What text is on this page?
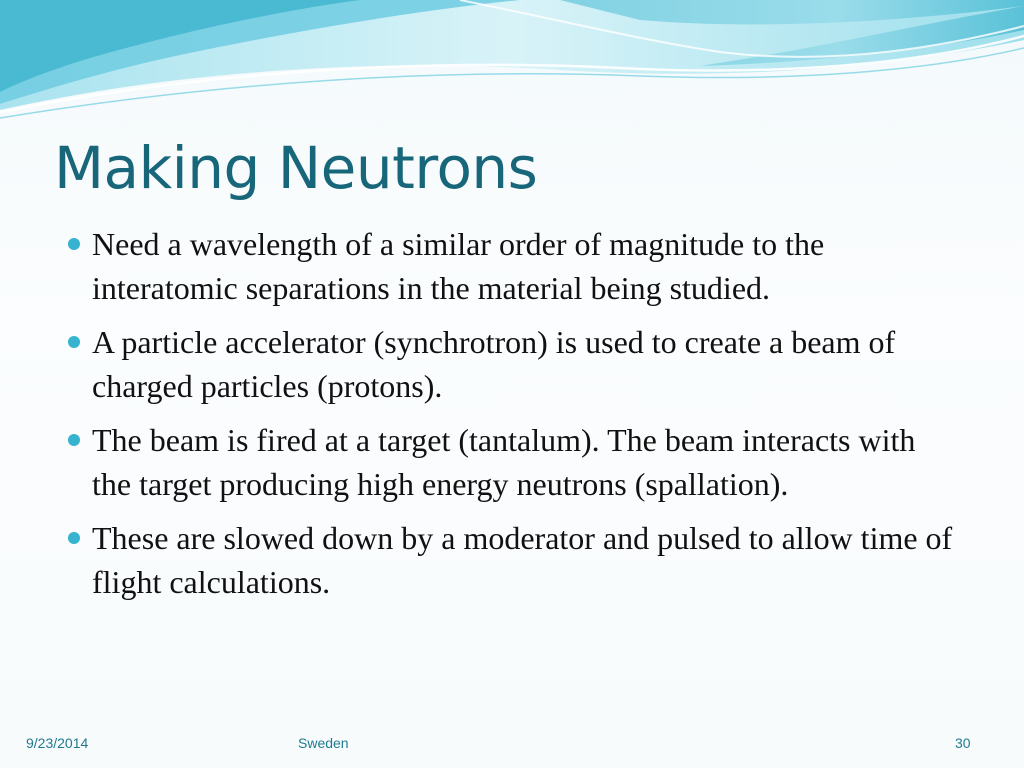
Making Neutrons
Need a wavelength of a similar order of magnitude to the interatomic separations in the material being studied.
A particle accelerator (synchrotron) is used to create a beam of charged particles (protons).
The beam is fired at a target (tantalum). The beam interacts with the target producing high energy neutrons (spallation).
These are slowed down by a moderator and pulsed to allow time of flight calculations.
9/23/2014	Sweden	30
